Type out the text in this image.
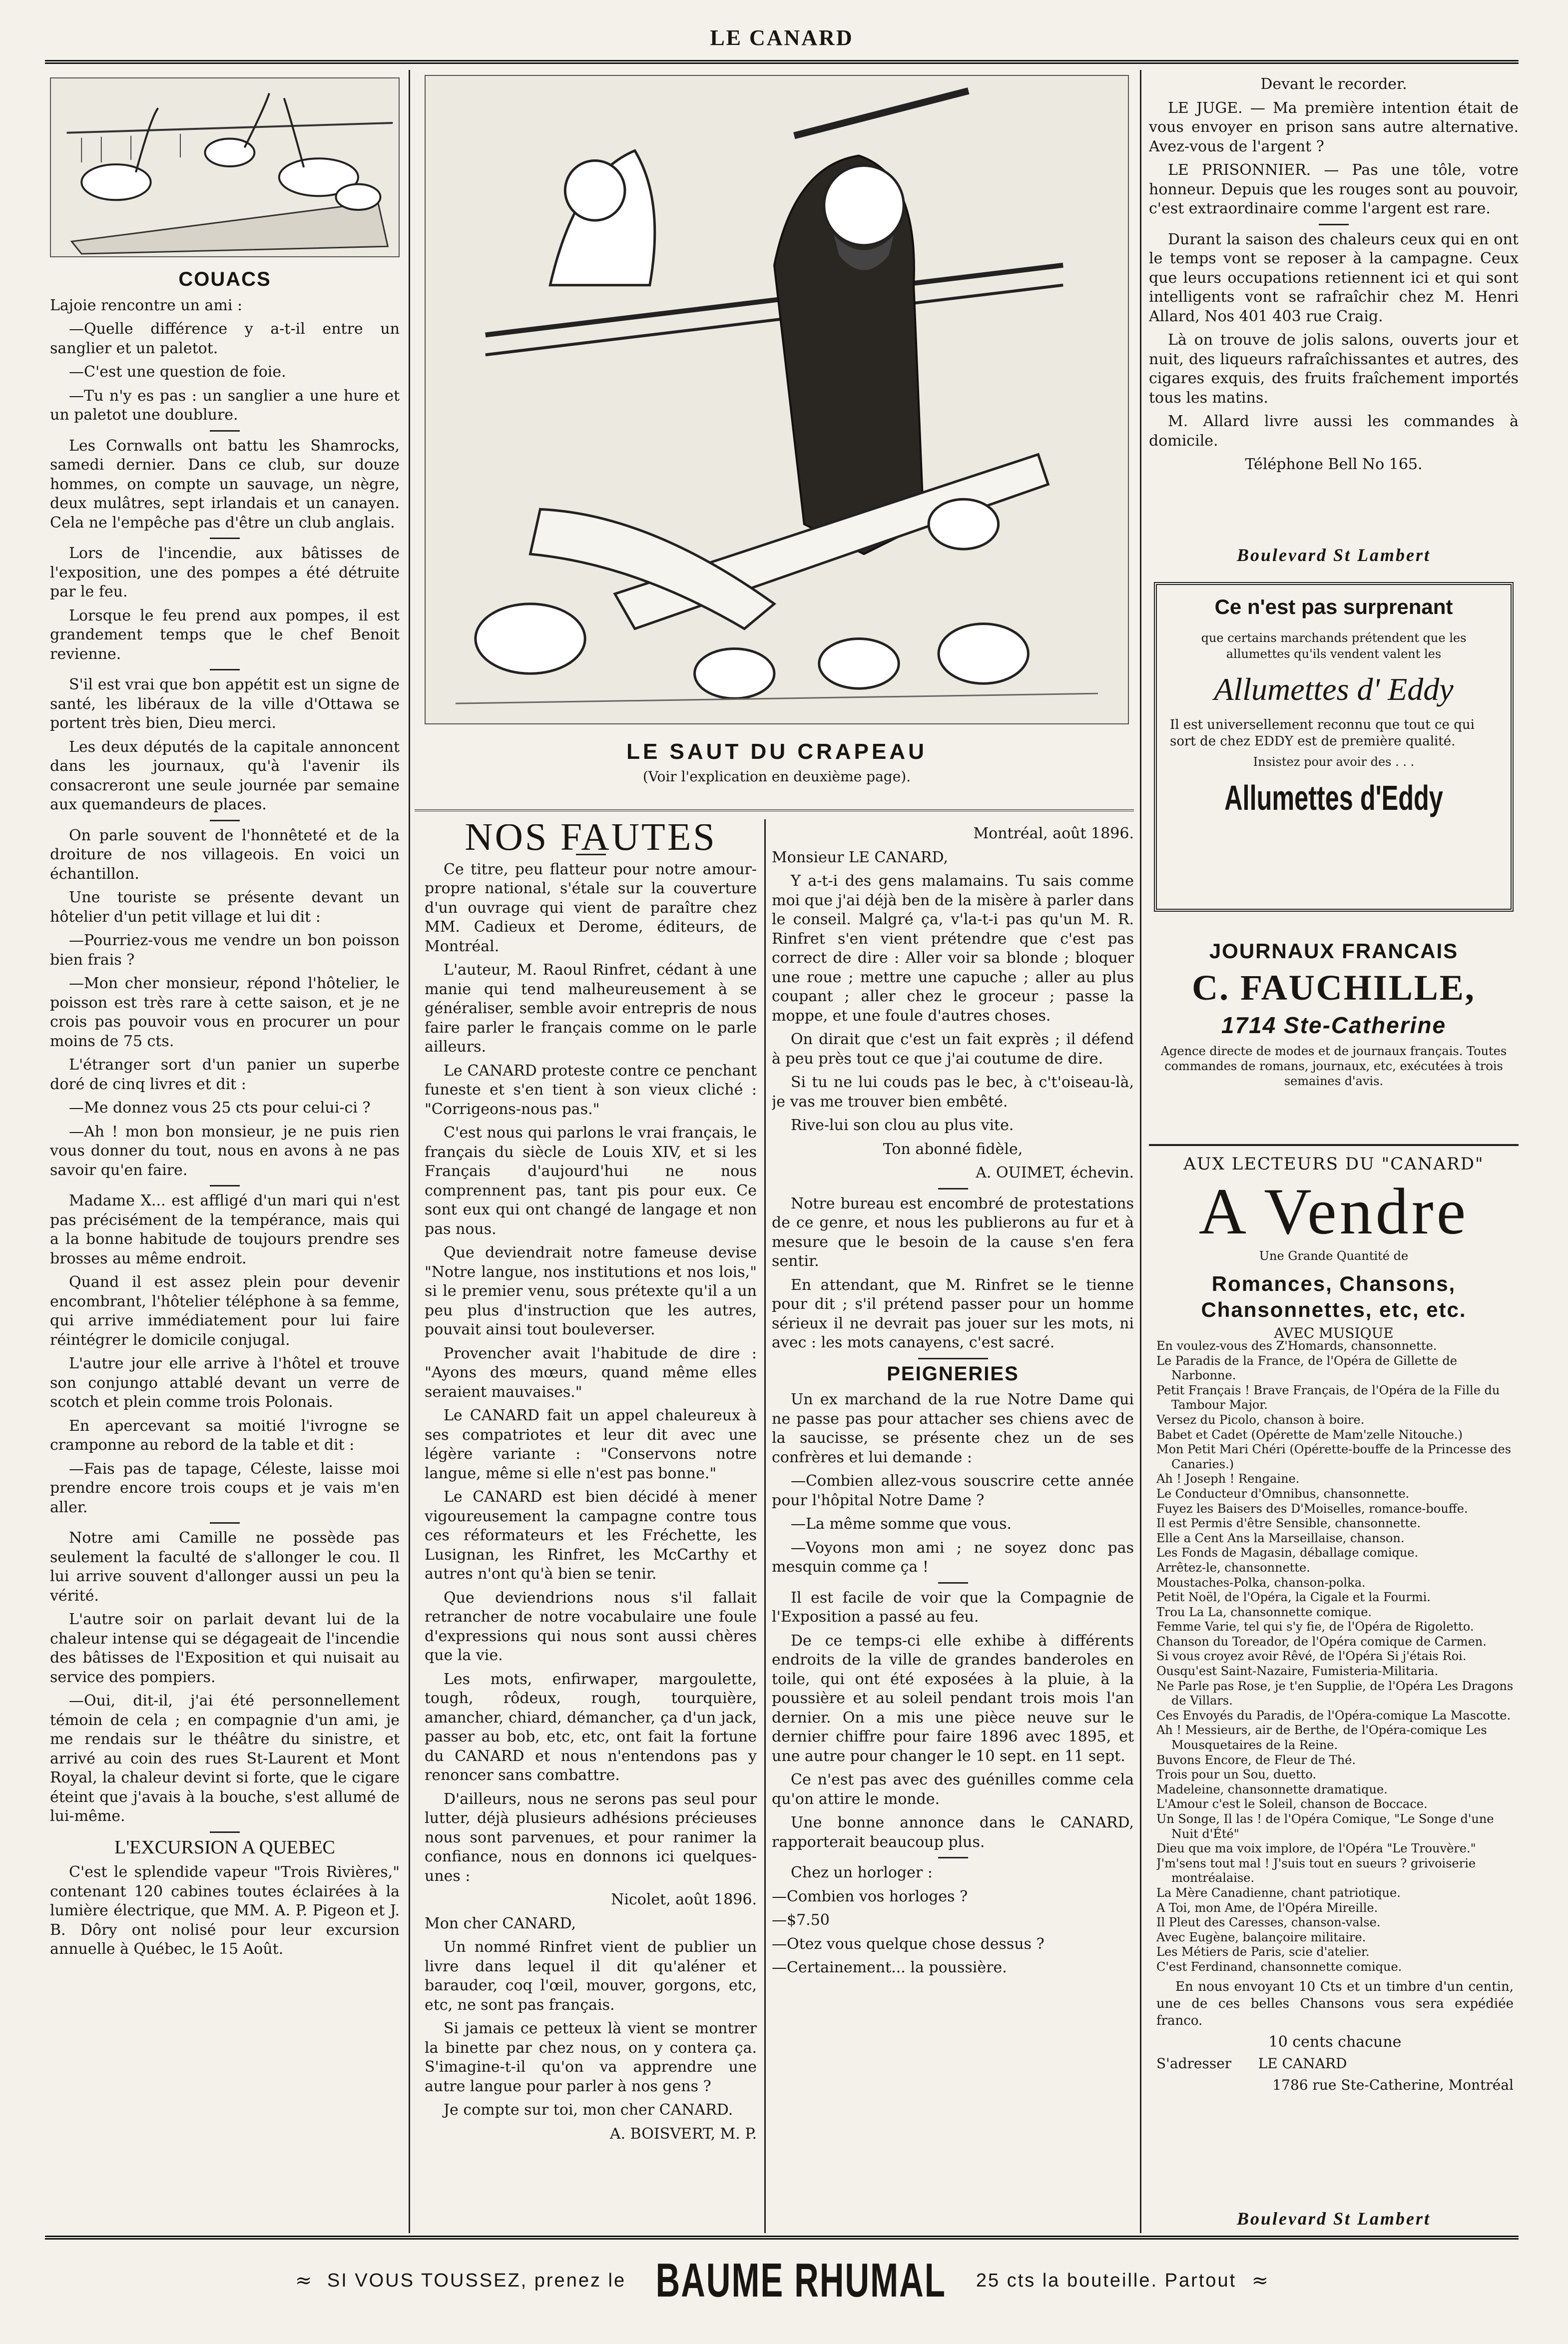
LE CANARD
COUACS

Lajoie rencontre un ami :

—Quelle différence y a-t-il entre un sanglier et un paletot.

—C'est une question de foie.

—Tu n'y es pas : un sanglier a une hure et un paletot une doublure.

Les Cornwalls ont battu les Shamrocks, samedi dernier. Dans ce club, sur douze hommes, on compte un sauvage, un nègre, deux mulâtres, sept irlandais et un canayen. Cela ne l'empêche pas d'être un club anglais.

Lors de l'incendie, aux bâtisses de l'exposition, une des pompes a été détruite par le feu.

Lorsque le feu prend aux pompes, il est grandement temps que le chef Benoit revienne.

S'il est vrai que bon appétit est un signe de santé, les libéraux de la ville d'Ottawa se portent très bien, Dieu merci.

Les deux députés de la capitale annoncent dans les journaux, qu'à l'avenir ils consacreront une seule journée par semaine aux quemandeurs de places.

On parle souvent de l'honnêteté et de la droiture de nos villageois. En voici un échantillon.

Une touriste se présente devant un hôtelier d'un petit village et lui dit :

—Pourriez-vous me vendre un bon poisson bien frais ?

—Mon cher monsieur, répond l'hôtelier, le poisson est très rare à cette saison, et je ne crois pas pouvoir vous en procurer un pour moins de 75 cts.

L'étranger sort d'un panier un superbe doré de cinq livres et dit :

—Me donnez vous 25 cts pour celui-ci ?

—Ah ! mon bon monsieur, je ne puis rien vous donner du tout, nous en avons à ne pas savoir qu'en faire.

Madame X... est affligé d'un mari qui n'est pas précisément de la tempérance, mais qui a la bonne habitude de toujours prendre ses brosses au même endroit.

Quand il est assez plein pour devenir encombrant, l'hôtelier téléphone à sa femme, qui arrive immédiatement pour lui faire réintégrer le domicile conjugal.

L'autre jour elle arrive à l'hôtel et trouve son conjungo attablé devant un verre de scotch et plein comme trois Polonais.

En apercevant sa moitié l'ivrogne se cramponne au rebord de la table et dit :

—Fais pas de tapage, Céleste, laisse moi prendre encore trois coups et je vais m'en aller.

Notre ami Camille ne possède pas seulement la faculté de s'allonger le cou. Il lui arrive souvent d'allonger aussi un peu la vérité.

L'autre soir on parlait devant lui de la chaleur intense qui se dégageait de l'incendie des bâtisses de l'Exposition et qui nuisait au service des pompiers.

—Oui, dit-il, j'ai été personnellement témoin de cela ; en compagnie d'un ami, je me rendais sur le théâtre du sinistre, et arrivé au coin des rues St-Laurent et Mont Royal, la chaleur devint si forte, que le cigare éteint que j'avais à la bouche, s'est allumé de lui-même.

L'EXCURSION A QUEBEC

C'est le splendide vapeur "Trois Rivières," contenant 120 cabines toutes éclairées à la lumière électrique, que MM. A. P. Pigeon et J. B. Dôry ont nolisé pour leur excursion annuelle à Québec, le 15 Août.

LE SAUT DU CRAPEAU
(Voir l'explication en deuxième page).
NOS FAUTES

Ce titre, peu flatteur pour notre amour-propre national, s'étale sur la couverture d'un ouvrage qui vient de paraître chez MM. Cadieux et Derome, éditeurs, de Montréal.

L'auteur, M. Raoul Rinfret, cédant à une manie qui tend malheureusement à se généraliser, semble avoir entrepris de nous faire parler le français comme on le parle ailleurs.

Le CANARD proteste contre ce penchant funeste et s'en tient à son vieux cliché : "Corrigeons-nous pas."

C'est nous qui parlons le vrai français, le français du siècle de Louis XIV, et si les Français d'aujourd'hui ne nous comprennent pas, tant pis pour eux. Ce sont eux qui ont changé de langage et non pas nous.

Que deviendrait notre fameuse devise "Notre langue, nos institutions et nos lois," si le premier venu, sous prétexte qu'il a un peu plus d'instruction que les autres, pouvait ainsi tout bouleverser.

Provencher avait l'habitude de dire : "Ayons des mœurs, quand même elles seraient mauvaises."

Le CANARD fait un appel chaleureux à ses compatriotes et leur dit avec une légère variante : "Conservons notre langue, même si elle n'est pas bonne."

Le CANARD est bien décidé à mener vigoureusement la campagne contre tous ces réformateurs et les Fréchette, les Lusignan, les Rinfret, les McCarthy et autres n'ont qu'à bien se tenir.

Que deviendrions nous s'il fallait retrancher de notre vocabulaire une foule d'expressions qui nous sont aussi chères que la vie.

Les mots, enfirwaper, margoulette, tough, rôdeux, rough, tourquière, amancher, chiard, démancher, ça d'un jack, passer au bob, etc, etc, ont fait la fortune du CANARD et nous n'entendons pas y renoncer sans combattre.

D'ailleurs, nous ne serons pas seul pour lutter, déjà plusieurs adhésions précieuses nous sont parvenues, et pour ranimer la confiance, nous en donnons ici quelques-unes :

Nicolet, août 1896.

Mon cher CANARD,

Un nommé Rinfret vient de publier un livre dans lequel il dit qu'aléner et barauder, coq l'œil, mouver, gorgons, etc, etc, ne sont pas français.

Si jamais ce petteux là vient se montrer la binette par chez nous, on y contera ça. S'imagine-t-il qu'on va apprendre une autre langue pour parler à nos gens ?

Je compte sur toi, mon cher CANARD.

A. BOISVERT, M. P.

Montréal, août 1896.

Monsieur LE CANARD,

Y a-t-i des gens malamains. Tu sais comme moi que j'ai déjà ben de la misère à parler dans le conseil. Malgré ça, v'la-t-i pas qu'un M. R. Rinfret s'en vient prétendre que c'est pas correct de dire : Aller voir sa blonde ; bloquer une roue ; mettre une capuche ; aller au plus coupant ; aller chez le groceur ; passe la moppe, et une foule d'autres choses.

On dirait que c'est un fait exprès ; il défend à peu près tout ce que j'ai coutume de dire.

Si tu ne lui couds pas le bec, à c't'oiseau-là, je vas me trouver bien embêté.

Rive-lui son clou au plus vite.

Ton abonné fidèle,

A. OUIMET, échevin.

Notre bureau est encombré de protestations de ce genre, et nous les publierons au fur et à mesure que le besoin de la cause s'en fera sentir.

En attendant, que M. Rinfret se le tienne pour dit ; s'il prétend passer pour un homme sérieux il ne devrait pas jouer sur les mots, ni avec : les mots canayens, c'est sacré.

PEIGNERIES

Un ex marchand de la rue Notre Dame qui ne passe pas pour attacher ses chiens avec de la saucisse, se présente chez un de ses confrères et lui demande :

—Combien allez-vous souscrire cette année pour l'hôpital Notre Dame ?

—La même somme que vous.

—Voyons mon ami ; ne soyez donc pas mesquin comme ça !

Il est facile de voir que la Compagnie de l'Exposition a passé au feu.

De ce temps-ci elle exhibe à différents endroits de la ville de grandes banderoles en toile, qui ont été exposées à la pluie, à la poussière et au soleil pendant trois mois l'an dernier. On a mis une pièce neuve sur le dernier chiffre pour faire 1896 avec 1895, et une autre pour changer le 10 sept. en 11 sept.

Ce n'est pas avec des guénilles comme cela qu'on attire le monde.

Une bonne annonce dans le CANARD, rapporterait beaucoup plus.

Chez un horloger :

—Combien vos horloges ?

—$7.50

—Otez vous quelque chose dessus ?

—Certainement... la poussière.

Devant le recorder.

LE JUGE. — Ma première intention était de vous envoyer en prison sans autre alternative. Avez-vous de l'argent ?

LE PRISONNIER. — Pas une tôle, votre honneur. Depuis que les rouges sont au pouvoir, c'est extraordinaire comme l'argent est rare.

Durant la saison des chaleurs ceux qui en ont le temps vont se reposer à la campagne. Ceux que leurs occupations retiennent ici et qui sont intelligents vont se rafraîchir chez M. Henri Allard, Nos 401 403 rue Craig.

Là on trouve de jolis salons, ouverts jour et nuit, des liqueurs rafraîchissantes et autres, des cigares exquis, des fruits fraîchement importés tous les matins.

M. Allard livre aussi les commandes à domicile.

Téléphone Bell No 165.

Boulevard St Lambert
Ce n'est pas surprenant
que certains marchands prétendent que les allumettes qu'ils vendent valent les
Allumettes d' Eddy
Il est universellement reconnu que tout ce qui sort de chez EDDY est de première qualité.
Insistez pour avoir des . . .
Allumettes d'Eddy
JOURNAUX FRANCAIS
C. FAUCHILLE,
1714 Ste-Catherine
Agence directe de modes et de journaux français. Toutes commandes de romans, journaux, etc, exécutées à trois semaines d'avis.
AUX LECTEURS DU "CANARD"
A Vendre
Une Grande Quantité de
Romances, Chansons, Chansonnettes, etc, etc.
AVEC MUSIQUE
En voulez-vous des Z'Homards, chansonnette.
Le Paradis de la France, de l'Opéra de Gillette de Narbonne.
Petit Français ! Brave Français, de l'Opéra de la Fille du Tambour Major.
Versez du Picolo, chanson à boire.
Babet et Cadet (Opérette de Mam'zelle Nitouche.)
Mon Petit Mari Chéri (Opérette-bouffe de la Princesse des Canaries.)
Ah ! Joseph ! Rengaine.
Le Conducteur d'Omnibus, chansonnette.
Fuyez les Baisers des D'Moiselles, romance-bouffe.
Il est Permis d'être Sensible, chansonnette.
Elle a Cent Ans la Marseillaise, chanson.
Les Fonds de Magasin, déballage comique.
Arrêtez-le, chansonnette.
Moustaches-Polka, chanson-polka.
Petit Noël, de l'Opéra, la Cigale et la Fourmi.
Trou La La, chansonnette comique.
Femme Varie, tel qui s'y fie, de l'Opéra de Rigoletto.
Chanson du Toreador, de l'Opéra comique de Carmen.
Si vous croyez avoir Rêvé, de l'Opéra Si j'étais Roi.
Ousqu'est Saint-Nazaire, Fumisteria-Militaria.
Ne Parle pas Rose, je t'en Supplie, de l'Opéra Les Dragons de Villars.
Ces Envoyés du Paradis, de l'Opéra-comique La Mascotte.
Ah ! Messieurs, air de Berthe, de l'Opéra-comique Les Mousquetaires de la Reine.
Buvons Encore, de Fleur de Thé.
Trois pour un Sou, duetto.
Madeleine, chansonnette dramatique.
L'Amour c'est le Soleil, chanson de Boccace.
Un Songe, Il las ! de l'Opéra Comique, "Le Songe d'une Nuit d'Été"
Dieu que ma voix implore, de l'Opéra "Le Trouvère."
J'm'sens tout mal ! J'suis tout en sueurs ? grivoiserie montréalaise.
La Mère Canadienne, chant patriotique.
A Toi, mon Ame, de l'Opéra Mireille.
Il Pleut des Caresses, chanson-valse.
Avec Eugène, balançoire militaire.
Les Métiers de Paris, scie d'atelier.
C'est Ferdinand, chansonnette comique.

En nous envoyant 10 Cts et un timbre d'un centin, une de ces belles Chansons vous sera expédiée franco.

10 cents chacune

S'adresser LE CANARD

1786 rue Ste-Catherine, Montréal

Boulevard St Lambert
≈   SI VOUS TOUSSEZ, prenez le BAUME RHUMAL 25 cts la bouteille. Partout   ≈
